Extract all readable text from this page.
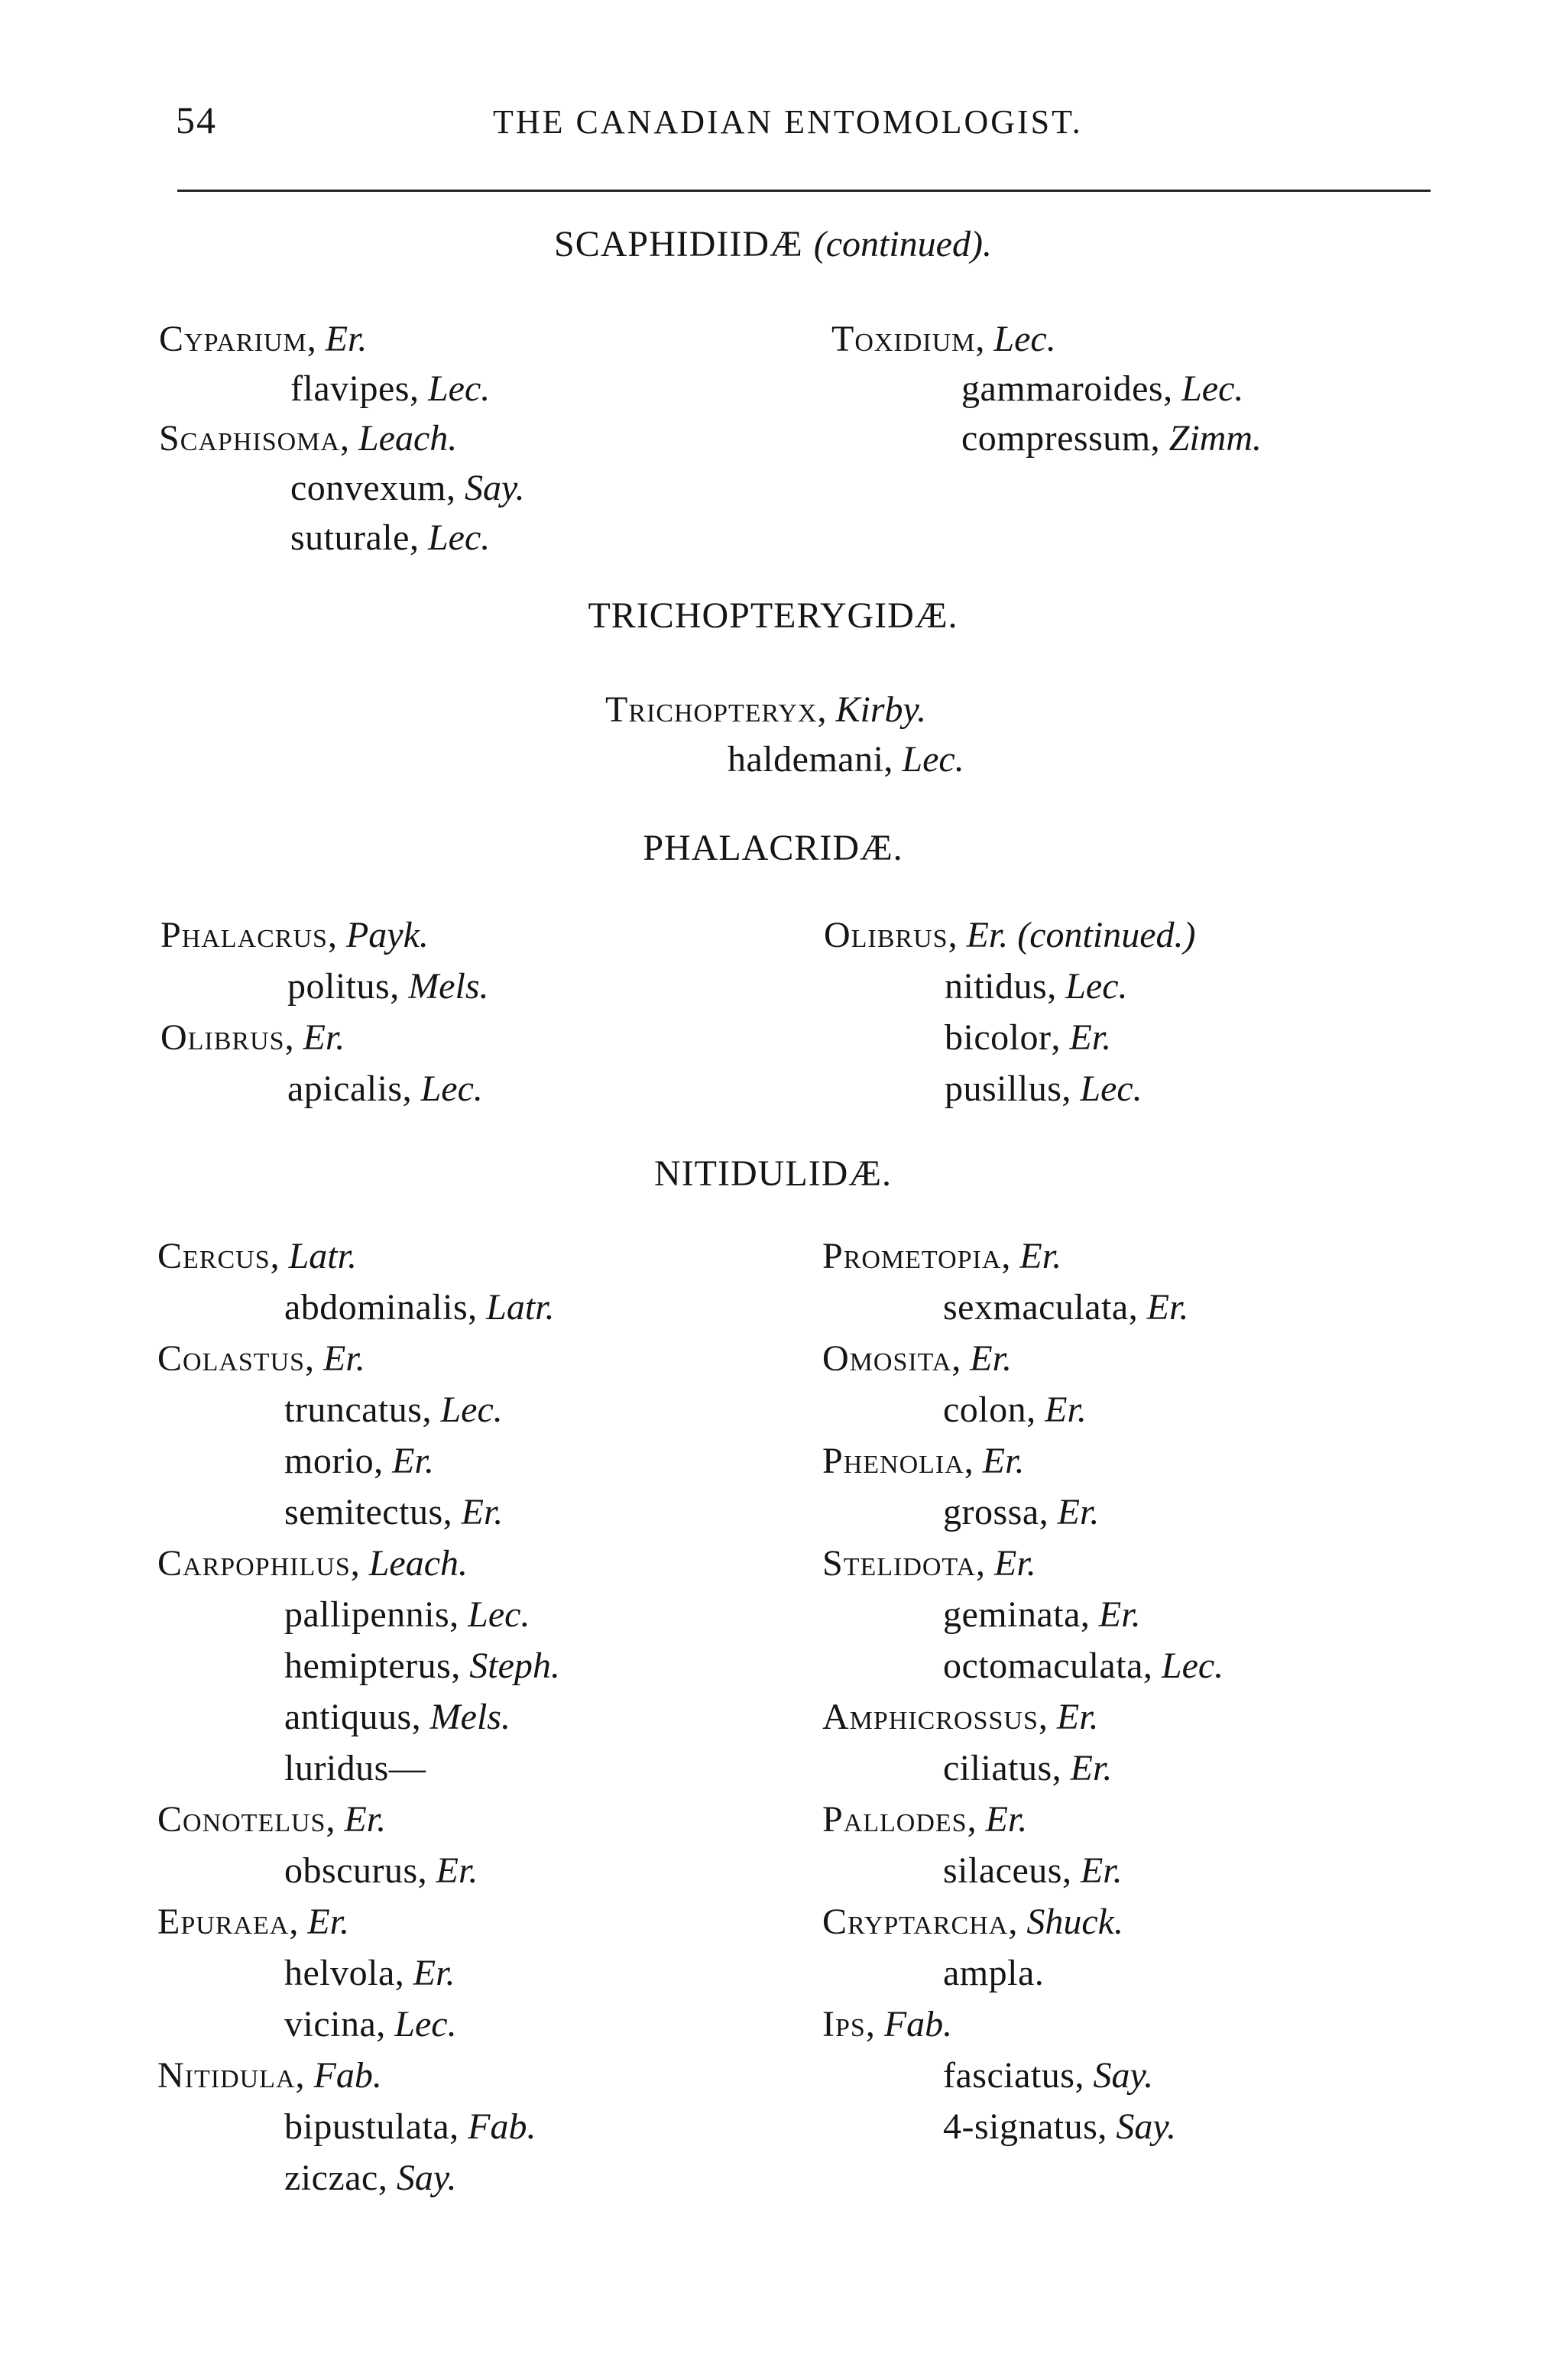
54	THE CANADIAN ENTOMOLOGIST.
SCAPHIDIIDÆ (continued).
Cyparium, Er.
flavipes, Lec.
Scaphisoma, Leach.
convexum, Say.
suturale, Lec.
Toxidium, Lec.
gammaroides, Lec.
compressum, Zimm.
TRICHOPTERYGIDÆ.
Trichopteryx, Kirby.
haldemani, Lec.
PHALACRIDÆ.
Phalacrus, Payk.
politus, Mels.
Olibrus, Er.
apicalis, Lec.
Olibrus, Er. (continued.)
nitidus, Lec.
bicolor, Er.
pusillus, Lec.
NITIDULIDÆ.
Cercus, Latr.
abdominalis, Latr.
Colastus, Er.
truncatus, Lec.
morio, Er.
semitectus, Er.
Carpophilus, Leach.
pallipennis, Lec.
hemipterus, Steph.
antiquus, Mels.
luridus—
Conotelus, Er.
obscurus, Er.
Epuraea, Er.
helvola, Er.
vicina, Lec.
Nitidula, Fab.
bipustulata, Fab.
ziczac, Say.
Prometopia, Er.
sexmaculata, Er.
Omosita, Er.
colon, Er.
Phenolia, Er.
grossa, Er.
Stelidota, Er.
geminata, Er.
octomaculata, Lec.
Amphicrossus, Er.
ciliatus, Er.
Pallodes, Er.
silaceus, Er.
Cryptarcha, Shuck.
ampla.
Ips, Fab.
fasciatus, Say.
4-signatus, Say.
